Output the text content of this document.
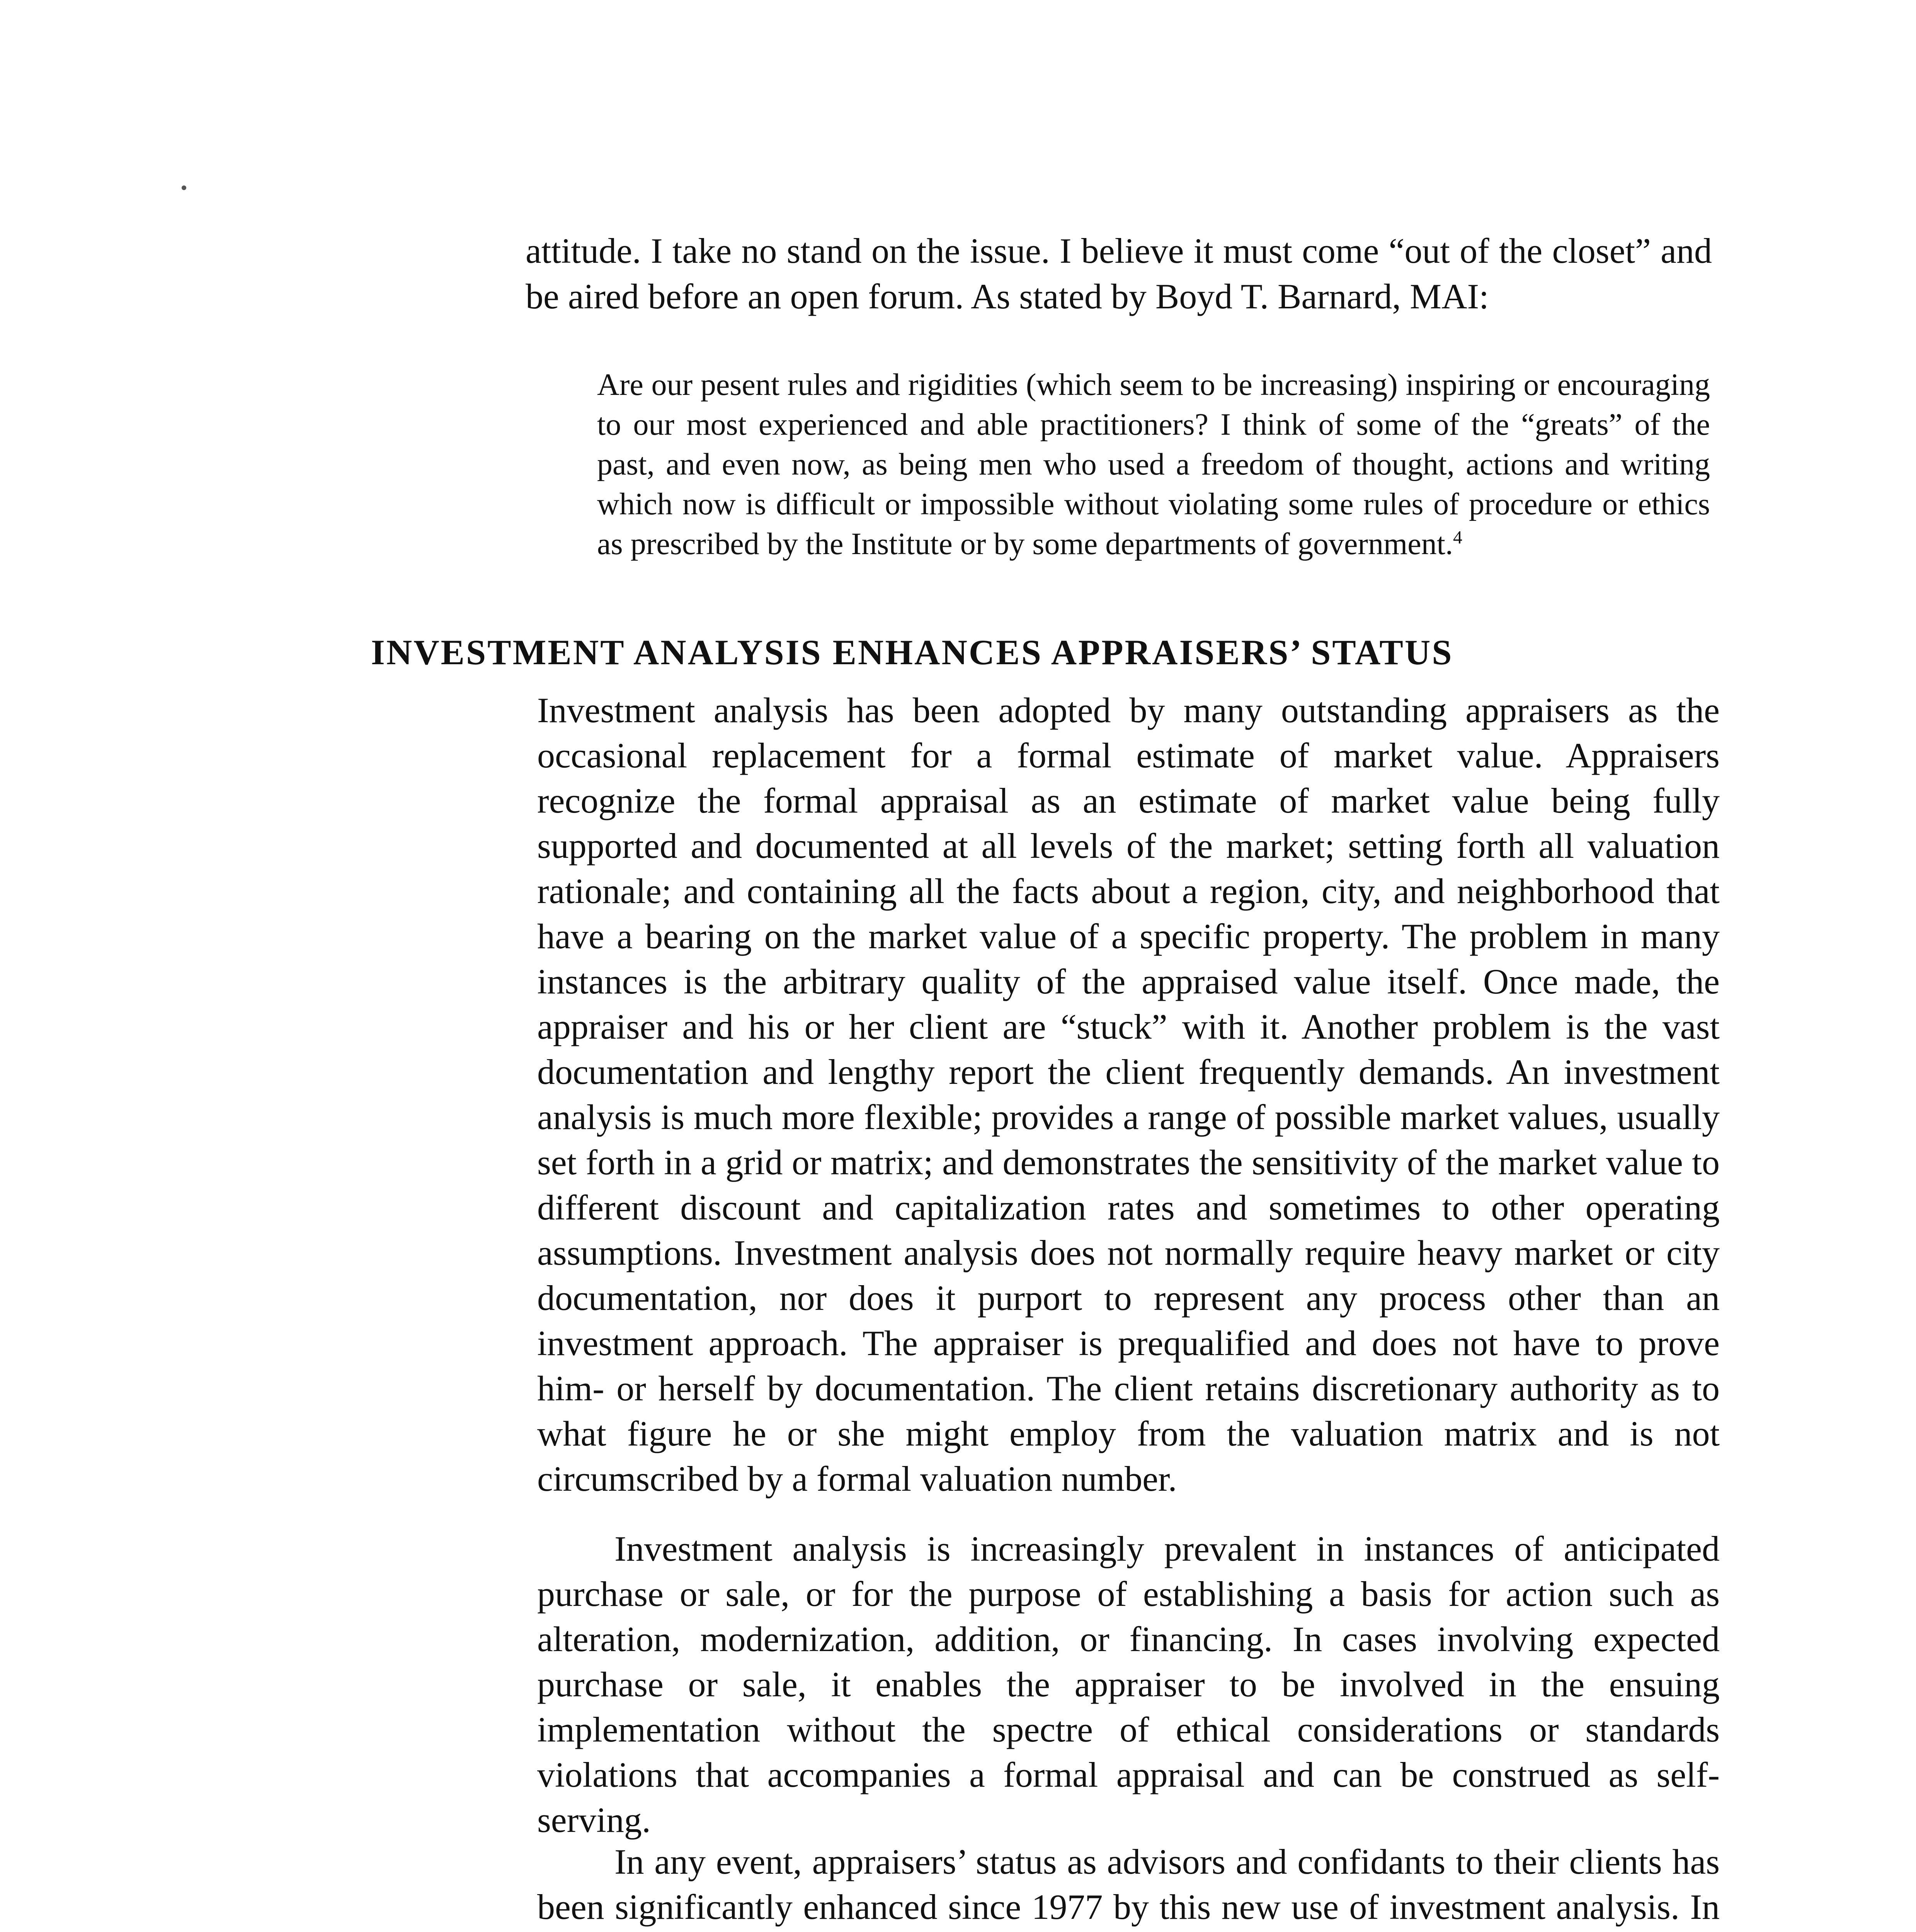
attitude. I take no stand on the issue. I believe it must come “out of the closet” and be aired before an open forum. As stated by Boyd T. Barnard, MAI:
Are our pesent rules and rigidities (which seem to be increasing) inspiring or encouraging to our most experienced and able practitioners? I think of some of the “greats” of the past, and even now, as being men who used a freedom of thought, actions and writing which now is difficult or impossible without violating some rules of procedure or ethics as prescribed by the Institute or by some departments of government.$^4$
INVESTMENT ANALYSIS ENHANCES APPRAISERS’ STATUS
Investment analysis has been adopted by many outstanding appraisers as the occasional replacement for a formal estimate of market value. Appraisers recognize the formal appraisal as an estimate of market value being fully supported and documented at all levels of the market; setting forth all valuation rationale; and containing all the facts about a region, city, and neighborhood that have a bearing on the market value of a specific property. The problem in many instances is the arbitrary quality of the appraised value itself. Once made, the appraiser and his or her client are “stuck” with it. Another problem is the vast documentation and lengthy report the client frequently demands. An investment analysis is much more flexible; provides a range of possible market values, usually set forth in a grid or matrix; and demonstrates the sensitivity of the market value to different discount and capitalization rates and sometimes to other operating assumptions. Investment analysis does not normally require heavy market or city documentation, nor does it purport to represent any process other than an investment approach. The appraiser is prequalified and does not have to prove him- or herself by documentation. The client retains discretionary authority as to what figure he or she might employ from the valuation matrix and is not circumscribed by a formal valuation number.
Investment analysis is increasingly prevalent in instances of anticipated purchase or sale, or for the purpose of establishing a basis for action such as alteration, modernization, addition, or financing. In cases involving expected purchase or sale, it enables the appraiser to be involved in the ensuing implementation without the spectre of ethical considerations or standards violations that accompanies a formal appraisal and can be construed as self-serving.
In any event, appraisers’ status as advisors and confidants to their clients has been significantly enhanced since 1977 by this new use of investment analysis. In
